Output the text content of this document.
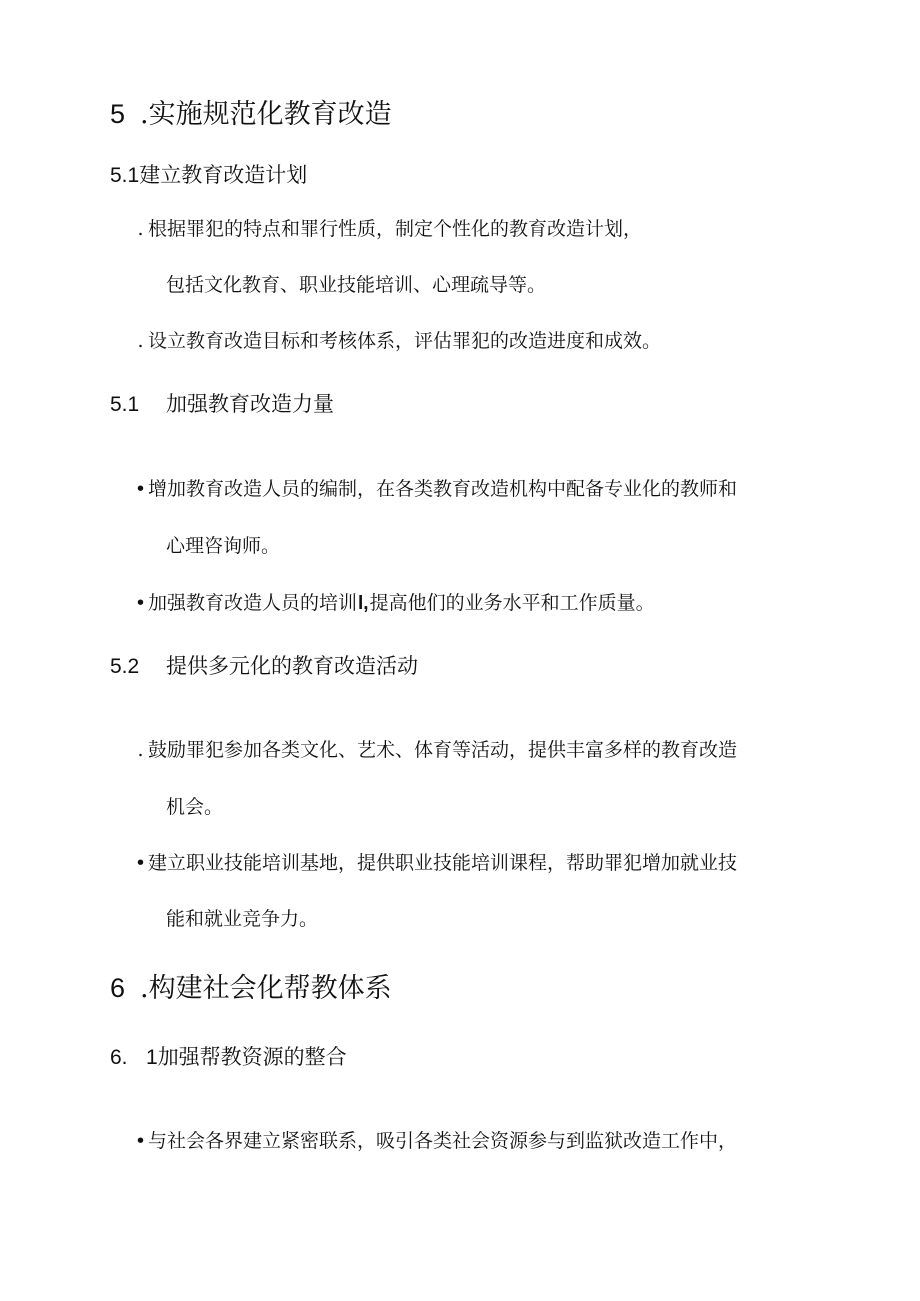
5 .实施规范化教育改造
5.1建立教育改造计划
. 根据罪犯的特点和罪行性质，制定个性化的教育改造计划，
包括文化教育、职业技能培训、心理疏导等。
. 设立教育改造目标和考核体系，评估罪犯的改造进度和成效。
5.1 加强教育改造力量
•增加教育改造人员的编制，在各类教育改造机构中配备专业化的教师和
心理咨询师。
•加强教育改造人员的培训l,提高他们的业务水平和工作质量。
5.2 提供多元化的教育改造活动
. 鼓励罪犯参加各类文化、艺术、体育等活动，提供丰富多样的教育改造
机会。
•建立职业技能培训基地，提供职业技能培训课程，帮助罪犯增加就业技
能和就业竞争力。
6 .构建社会化帮教体系
6. 1加强帮教资源的整合
•与社会各界建立紧密联系，吸引各类社会资源参与到监狱改造工作中，
